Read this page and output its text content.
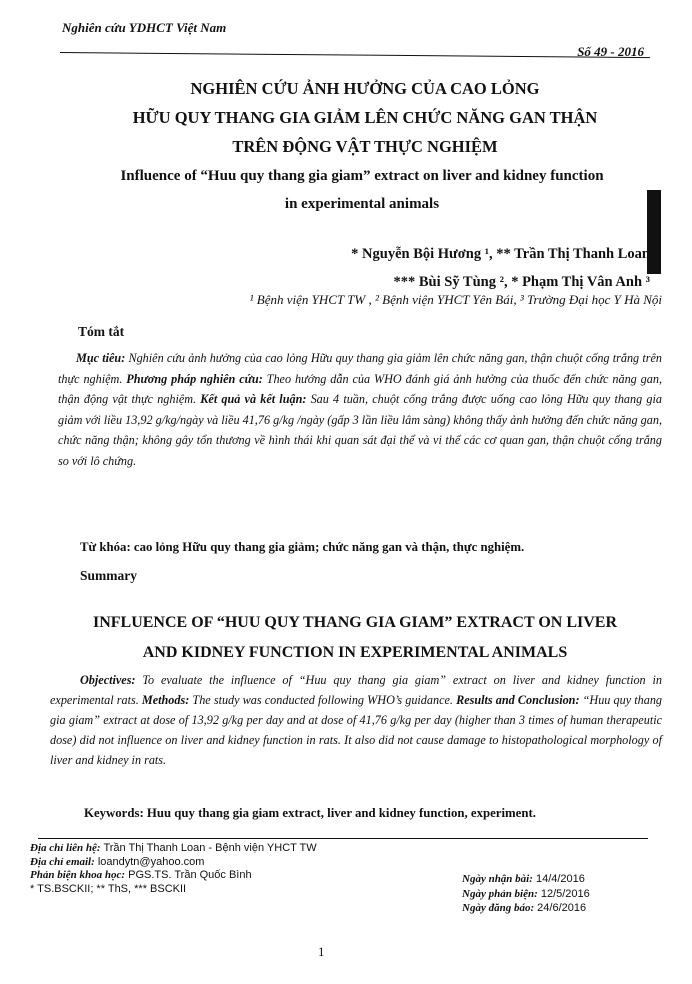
Nghiên cứu YDHCT Việt Nam
Số 49 - 2016
NGHIÊN CỨU ẢNH HƯỞNG CỦA CAO LỎNG
HỮU QUY THANG GIA GIẢM LÊN CHỨC NĂNG GAN THẬN
TRÊN ĐỘNG VẬT THỰC NGHIỆM
Influence of “Huu quy thang gia giam” extract on liver and kidney function
in experimental animals
* Nguyễn Bội Hương ¹, ** Trần Thị Thanh Loan
*** Bùi Sỹ Tùng ², * Phạm Thị Vân Anh ³
¹ Bệnh viện YHCT TW , ² Bệnh viện YHCT Yên Bái, ³ Trường Đại học Y Hà Nội
Tóm tắt
Mục tiêu: Nghiên cứu ảnh hưởng của cao lỏng Hữu quy thang gia giảm lên chức năng gan, thận chuột cống trắng trên thực nghiệm. Phương pháp nghiên cứu: Theo hướng dẫn của WHO đánh giá ảnh hưởng của thuốc đến chức năng gan, thận động vật thực nghiệm. Kết quả và kết luận: Sau 4 tuần, chuột cống trắng được uống cao lỏng Hữu quy thang gia giảm với liều 13,92 g/kg/ngày và liều 41,76 g/kg /ngày (gấp 3 lần liều lâm sàng) không thấy ảnh hưởng đến chức năng gan, chức năng thận; không gây tổn thương về hình thái khi quan sát đại thể và vi thể các cơ quan gan, thận chuột cống trắng so với lô chứng.
Từ khóa: cao lỏng Hữu quy thang gia giảm; chức năng gan và thận, thực nghiệm.
Summary
INFLUENCE OF “HUU QUY THANG GIA GIAM” EXTRACT ON LIVER
AND KIDNEY FUNCTION IN EXPERIMENTAL ANIMALS
Objectives: To evaluate the influence of “Huu quy thang gia giam” extract on liver and kidney function in experimental rats. Methods: The study was conducted following WHO’s guidance. Results and Conclusion: “Huu quy thang gia giam” extract at dose of 13,92 g/kg per day and at dose of 41,76 g/kg per day (higher than 3 times of human therapeutic dose) did not influence on liver and kidney function in rats. It also did not cause damage to histopathological morphology of liver and kidney in rats.
Keywords: Huu quy thang gia giam extract, liver and kidney function, experiment.
Địa chỉ liên hệ: Trần Thị Thanh Loan - Bệnh viện YHCT TW
Địa chỉ email: loandytn@yahoo.com
Phản biện khoa học: PGS.TS. Trần Quốc Bình
* TS.BSCKII; ** ThS, *** BSCKII
Ngày nhận bài: 14/4/2016
Ngày phản biện: 12/5/2016
Ngày đăng báo: 24/6/2016
1
